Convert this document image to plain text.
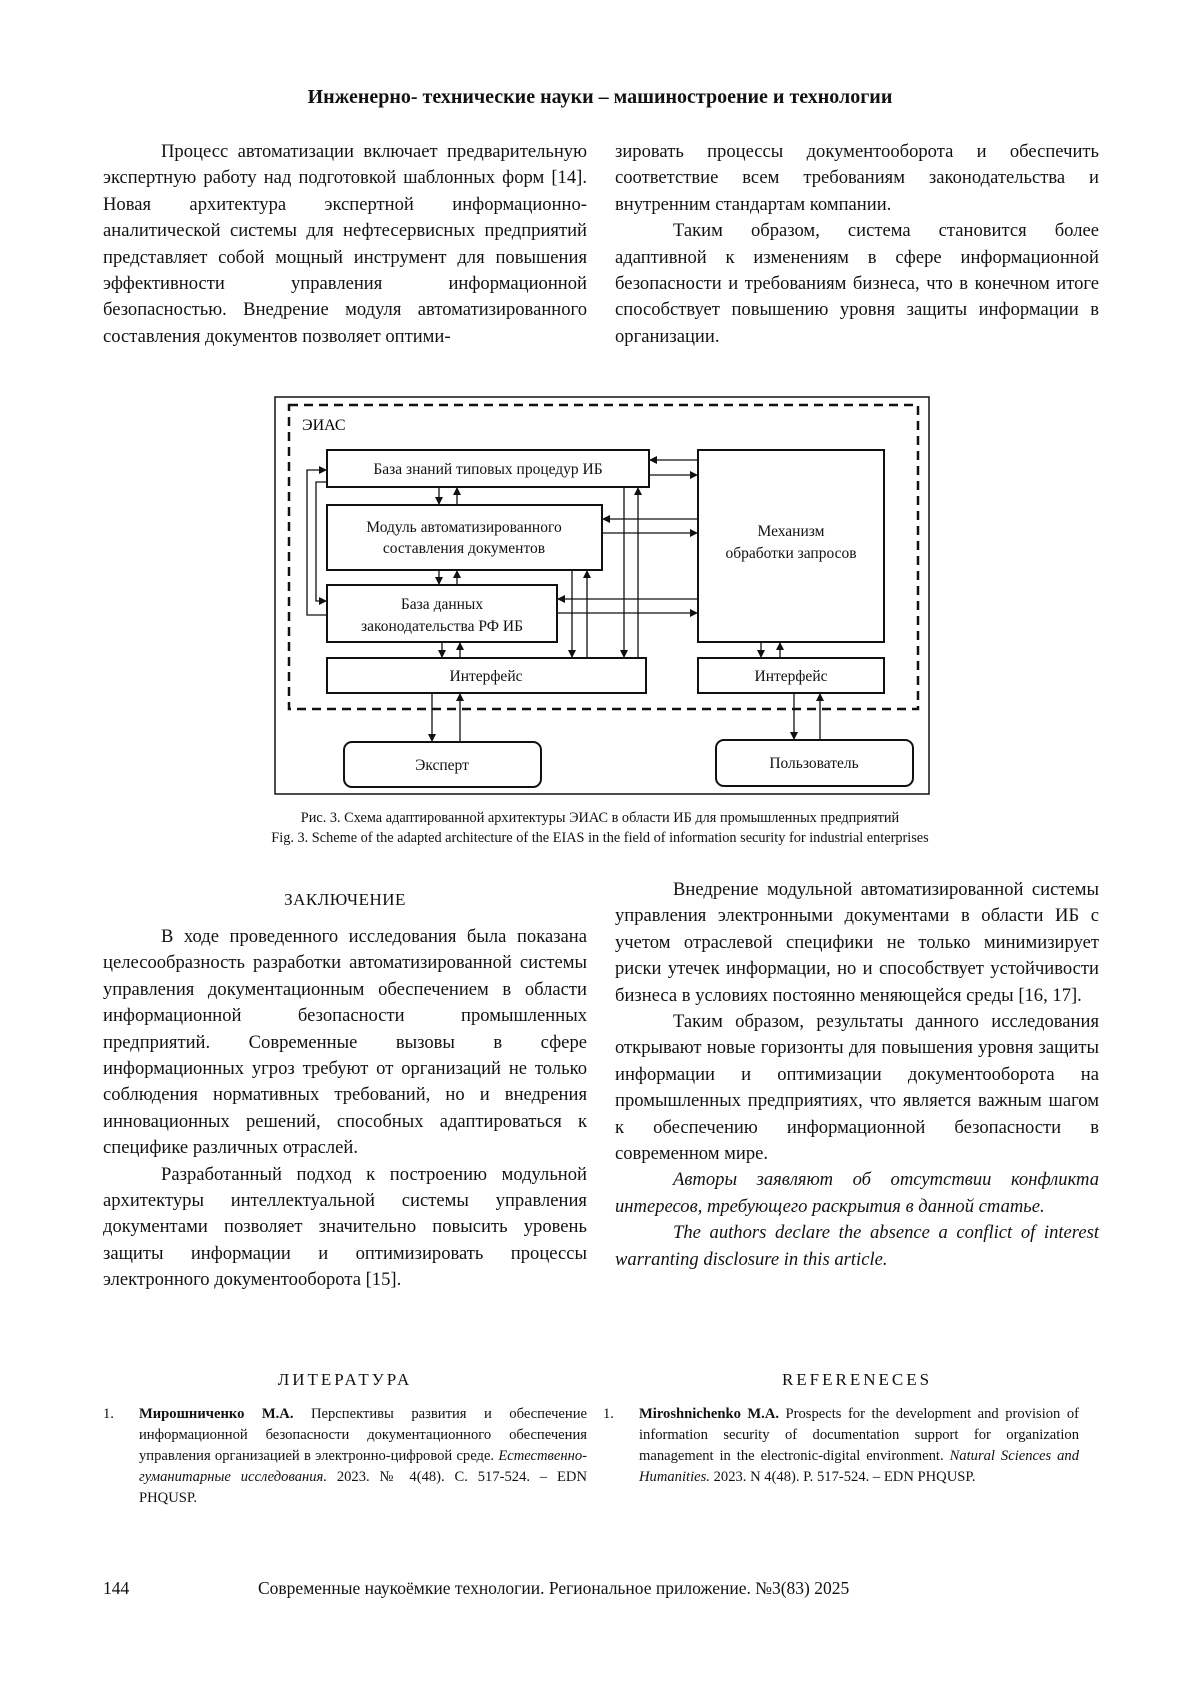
Инженерно- технические науки – машиностроение и технологии

Процесс автоматизации включает предварительную экспертную работу над подготовкой шаблонных форм [14]. Новая архитектура экспертной информационно-аналитической системы для нефтесервисных предприятий представляет собой мощный инструмент для повышения эффективности управления информационной безопасностью. Внедрение модуля автоматизированного составления документов позволяет оптими-

зировать процессы документооборота и обеспечить соответствие всем требованиям законодательства и внутренним стандартам компании.

Таким образом, система становится более адаптивной к изменениям в сфере информационной безопасности и требованиям бизнеса, что в конечном итоге способствует повышению уровня защиты информации в организации.

ЭИАС
База знаний типовых процедур ИБ
Модуль автоматизированного
составления документов
База данных
законодательства РФ ИБ
Механизм
обработки запросов
Интерфейс	Интерфейс
Эксперт	Пользователь
Рис. 3. Схема адаптированной архитектуры ЭИАС в области ИБ для промышленных предприятий
Fig. 3. Scheme of the adapted architecture of the EIAS in the field of information security for industrial enterprises
ЗАКЛЮЧЕНИЕ

В ходе проведенного исследования была показана целесообразность разработки автоматизированной системы управления документационным обеспечением в области информационной безопасности промышленных предприятий. Современные вызовы в сфере информационных угроз требуют от организаций не только соблюдения нормативных требований, но и внедрения инновационных решений, способных адаптироваться к специфике различных отраслей.

Разработанный подход к построению модульной архитектуры интеллектуальной системы управления документами позволяет значительно повысить уровень защиты информации и оптимизировать процессы электронного документооборота [15].

Внедрение модульной автоматизированной системы управления электронными документами в области ИБ с учетом отраслевой специфики не только минимизирует риски утечек информации, но и способствует устойчивости бизнеса в условиях постоянно меняющейся среды [16, 17].

Таким образом, результаты данного исследования открывают новые горизонты для повышения уровня защиты информации и оптимизации документооборота на промышленных предприятиях, что является важным шагом к обеспечению информационной безопасности в современном мире.

Авторы заявляют об отсутствии конфликта интересов, требующего раскрытия в данной статье.

The authors declare the absence a conflict of interest warranting disclosure in this article.

ЛИТЕРАТУРА	REFERENECES
1. Мирошниченко М.А. Перспективы развития и обеспечение информационной безопасности документационного обеспечения управления организацией в электронно-цифровой среде. Естественно-гуманитарные исследования. 2023. № 4(48). С. 517-524. – EDN PHQUSP.
1. Miroshnichenko M.A. Prospects for the development and provision of information security of documentation support for organization management in the electronic-digital environment. Natural Sciences and Humanities. 2023. N 4(48). P. 517-524. – EDN PHQUSP.
144	Современные наукоёмкие технологии. Региональное приложение. №3(83) 2025
